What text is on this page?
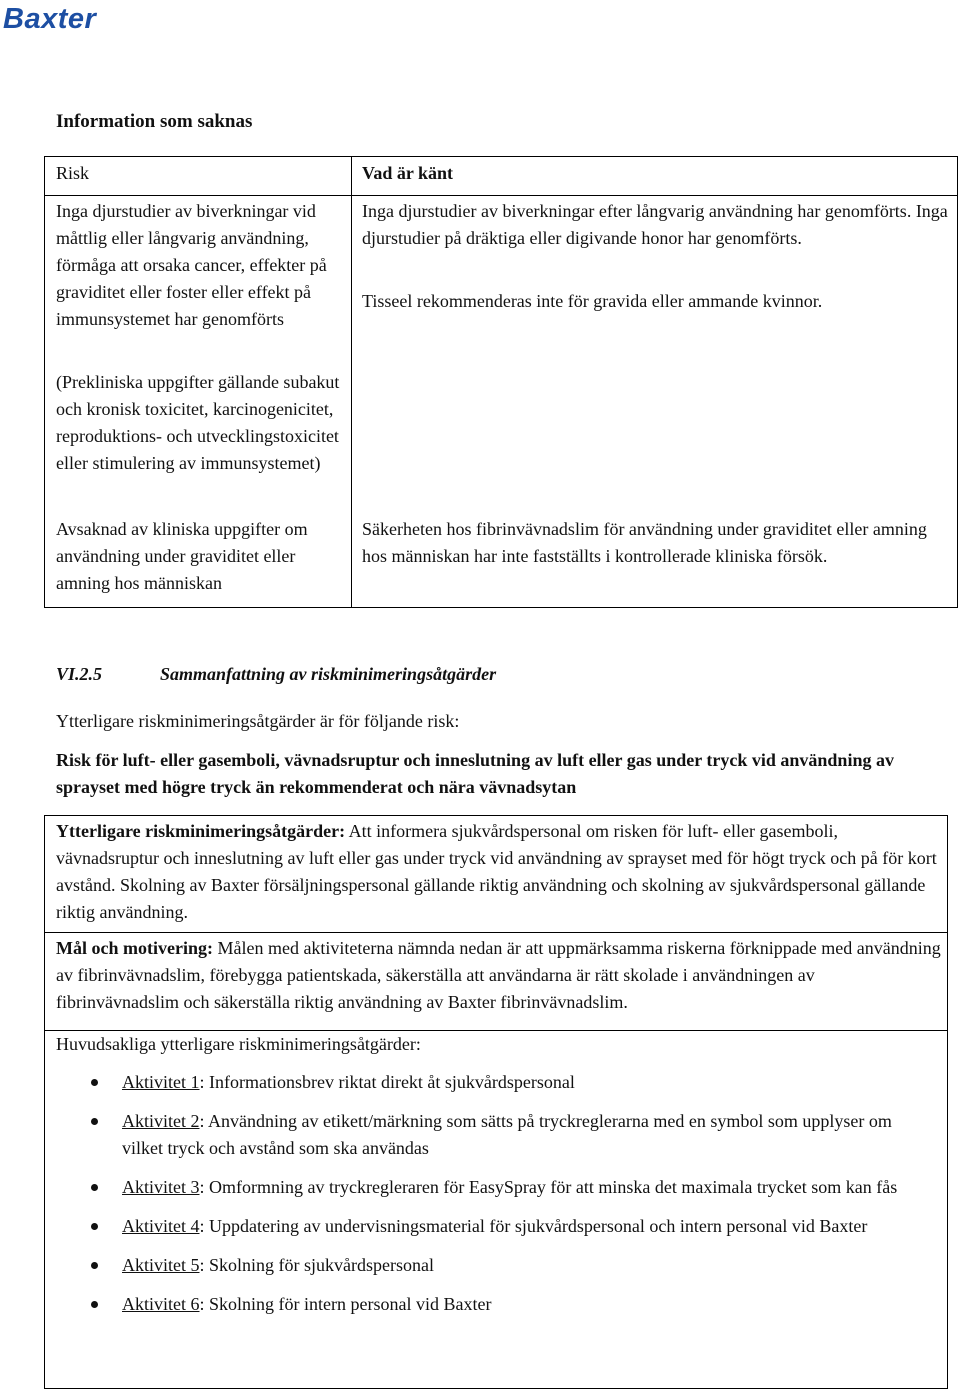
Baxter
Information som saknas
Risk	Vad är känt
Inga djurstudier av biverkningar vid måttlig eller långvarig användning, förmåga att orsaka cancer, effekter på graviditet eller foster eller effekt på immunsystemet har genomförts
(Prekliniska uppgifter gällande subakut och kronisk toxicitet, karcinogenicitet, reproduktions- och utvecklingstoxicitet eller stimulering av immunsystemet)
Inga djurstudier av biverkningar efter långvarig användning har genomförts. Inga djurstudier på dräktiga eller digivande honor har genomförts.
Tisseel rekommenderas inte för gravida eller ammande kvinnor.
Avsaknad av kliniska uppgifter om användning under graviditet eller amning hos människan
Säkerheten hos fibrinvävnadslim för användning under graviditet eller amning hos människan har inte fastställts i kontrollerade kliniska försök.
VI.2.5	Sammanfattning av riskminimeringsåtgärder
Ytterligare riskminimeringsåtgärder är för följande risk:
Risk för luft- eller gasemboli, vävnadsruptur och inneslutning av luft eller gas under tryck vid användning av sprayset med högre tryck än rekommenderat och nära vävnadsytan
Ytterligare riskminimeringsåtgärder: Att informera sjukvårdspersonal om risken för luft- eller gasemboli, vävnadsruptur och inneslutning av luft eller gas under tryck vid användning av sprayset med för högt tryck och på för kort avstånd. Skolning av Baxter försäljningspersonal gällande riktig användning och skolning av sjukvårdspersonal gällande riktig användning.
Mål och motivering: Målen med aktiviteterna nämnda nedan är att uppmärksamma riskerna förknippade med användning av fibrinvävnadslim, förebygga patientskada, säkerställa att användarna är rätt skolade i användningen av fibrinvävnadslim och säkerställa riktig användning av Baxter fibrinvävnadslim.
Huvudsakliga ytterligare riskminimeringsåtgärder:
Aktivitet 1: Informationsbrev riktat direkt åt sjukvårdspersonal
Aktivitet 2: Användning av etikett/märkning som sätts på tryckreglerarna med en symbol som upplyser om vilket tryck och avstånd som ska användas
Aktivitet 3: Omformning av tryckregleraren för EasySpray för att minska det maximala trycket som kan fås
Aktivitet 4: Uppdatering av undervisningsmaterial för sjukvårdspersonal och intern personal vid Baxter
Aktivitet 5: Skolning för sjukvårdspersonal
Aktivitet 6: Skolning för intern personal vid Baxter
